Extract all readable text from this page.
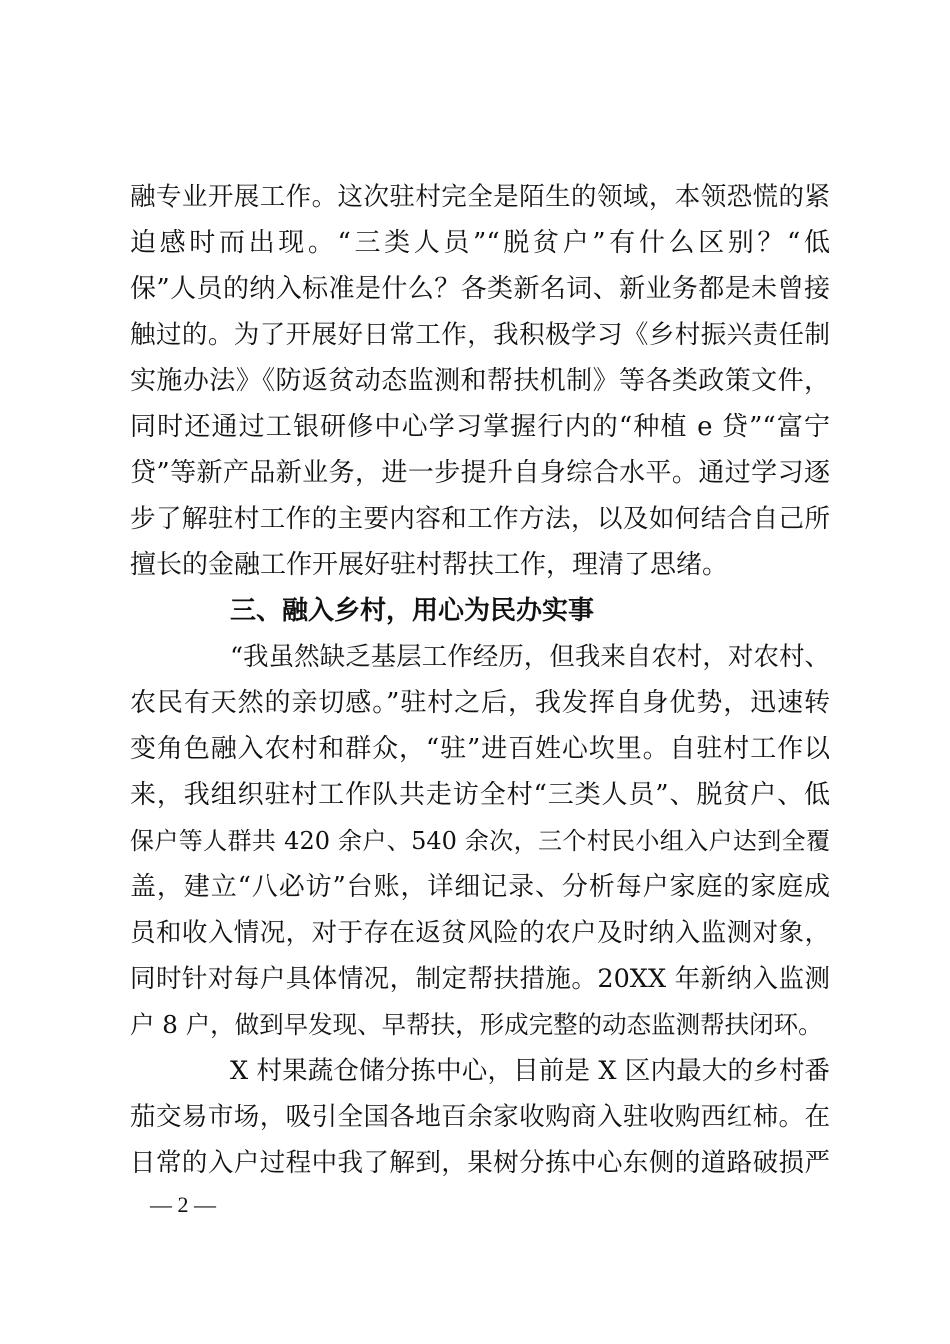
融专业开展工作。这次驻村完全是陌生的领域，本领恐慌的紧
迫感时而出现。“三类人员”“脱贫户”有什么区别？“低
保”人员的纳入标准是什么？各类新名词、新业务都是未曾接
触过的。为了开展好日常工作，我积极学习《乡村振兴责任制
实施办法》《防返贫动态监测和帮扶机制》等各类政策文件，
同时还通过工银研修中心学习掌握行内的“种植 e 贷”“富宁
贷”等新产品新业务，进一步提升自身综合水平。通过学习逐
步了解驻村工作的主要内容和工作方法，以及如何结合自己所
擅长的金融工作开展好驻村帮扶工作，理清了思绪。
三、融入乡村，用心为民办实事
“我虽然缺乏基层工作经历，但我来自农村，对农村、
农民有天然的亲切感。”驻村之后，我发挥自身优势，迅速转
变角色融入农村和群众，“驻”进百姓心坎里。自驻村工作以
来，我组织驻村工作队共走访全村“三类人员”、脱贫户、低
保户等人群共 420 余户、540 余次，三个村民小组入户达到全覆
盖，建立“八必访”台账，详细记录、分析每户家庭的家庭成
员和收入情况，对于存在返贫风险的农户及时纳入监测对象，
同时针对每户具体情况，制定帮扶措施。20XX 年新纳入监测
户 8 户，做到早发现、早帮扶，形成完整的动态监测帮扶闭环。
X 村果蔬仓储分拣中心，目前是 X 区内最大的乡村番
茄交易市场，吸引全国各地百余家收购商入驻收购西红柿。在
日常的入户过程中我了解到，果树分拣中心东侧的道路破损严
— 2 —
